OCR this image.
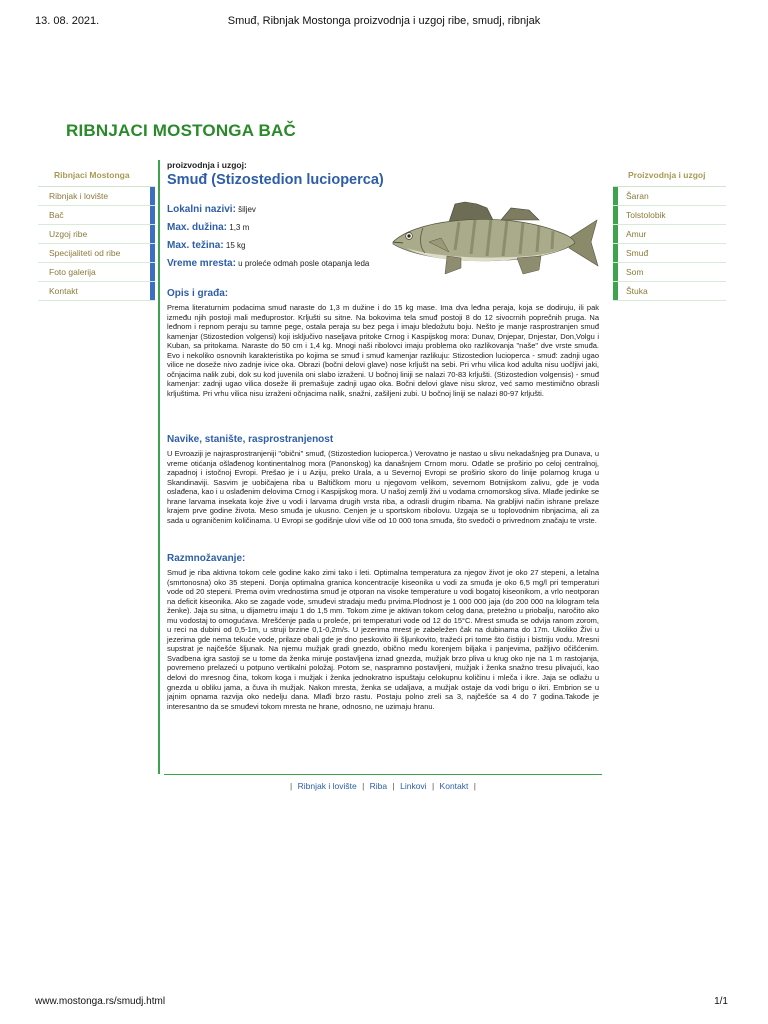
13. 08. 2021.	Smuđ, Ribnjak Mostonga proizvodnja i uzgoj ribe, smudj, ribnjak
RIBNJACI MOSTONGA BAČ
Ribnjaci Mostonga
Ribnjak i lovište
Bač
Uzgoj ribe
Specijaliteti od ribe
Foto galerija
Kontakt
Proizvodnja i uzgoj
Šaran
Tolstolobik
Amur
Smuđ
Som
Štuka
proizvodnja i uzgoj:
Smuđ (Stizostedion lucioperca)
Lokalni nazivi: šiljev
Max. dužina: 1,3 m
Max. težina: 15 kg
Vreme mresta: u proleće odmah posle otapanja leda
Opis i građa:

Prema literaturnim podacima smuđ naraste do 1,3 m dužine i do 15 kg mase. Ima dva leđna peraja, koja se dodiruju, ili pak između njih postoji mali međuprostor. Krljušti su sitne. Na bokovima tela smuđ postoji 8 do 12 sivocrnih poprečnih pruga. Na leđnom i repnom peraju su tamne pege, ostala peraja su bez pega i imaju bledožutu boju. Nešto je manje rasprostranjen smuđ kamenjar (Stizostedion volgensi) koji isključivo naseljava pritoke Crnog i Kaspijskog mora: Dunav, Dnjepar, Dnjestar, Don,Volgu i Kuban, sa pritokama. Naraste do 50 cm i 1,4 kg. Mnogi naši ribolovci imaju problema oko razlikovanja "naše" dve vrste smuđa. Evo i nekoliko osnovnih karakteristika po kojima se smuđ i smuđ kamenjar razlikuju: Stizostedion lucioperca - smuđ: zadnji ugao vilice ne doseže nivo zadnje ivice oka. Obrazi (bočni delovi glave) nose krljušt na sebi. Pri vrhu vilica kod adulta nisu uočljivi jaki, očnjacima nalik zubi, dok su kod juvenila oni slabo izraženi. U bočnoj liniji se nalazi 70-83 krljušti. (Stizostedion volgensis) - smuđ kamenjar: zadnji ugao vilica doseže ili premašuje zadnji ugao oka. Bočni delovi glave nisu skroz, već samo mestimično obrasli krljuštima. Pri vrhu vilica nisu izraženi očnjacima nalik, snažni, zašiljeni zubi. U bočnoj liniji se nalazi 80-97 krljušti.

Navike, stanište, rasprostranjenost

U Evroaziji je najrasprostranjeniji "obični" smuđ, (Stizostedion lucioperca.) Verovatno je nastao u slivu nekadašnjeg pra Dunava, u vreme otićanja ošlađenog kontinentalnog mora (Panonskog) ka današnjem Crnom moru. Odatle se proširio po celoj centralnoj, zapadnoj i istočnoj Evropi. Prešao je i u Aziju, preko Urala, a u Severnoj Evropi se proširio skoro do linije polarnog kruga u Skandinaviji. Sasvim je uobičajena riba u Baltičkom moru u njegovom velikom, severnom Botnijskom zalivu, gde je voda oslađena, kao i u oslađenim delovima Crnog i Kaspijskog mora. U našoj zemlji živi u vodama crnomorskog sliva. Mlađe jedinke se hrane larvama insekata koje žive u vodi i larvama drugih vrsta riba, a odrasli drugim ribama. Na grabljivi način ishrane prelaze krajem prve godine života. Meso smuđa je ukusno. Cenjen je u sportskom ribolovu. Uzgaja se u toplovodnim ribnjacima, ali za sada u ograničenim količinama. U Evropi se godišnje ulovi više od 10 000 tona smuđa, što svedoči o privrednom značaju te vrste.

Razmnožavanje:

Smuđ je riba aktivna tokom cele godine kako zimi tako i leti. Optimalna temperatura za njegov život je oko 27 stepeni, a letalna (smrtonosna) oko 35 stepeni. Donja optimalna granica koncentracije kiseonika u vodi za smuđa je oko 6,5 mg/l pri temperaturi vode od 20 stepeni. Prema ovim vrednostima smuđ je otporan na visoke temperature u vodi bogatoj kiseonikom, a vrlo neotporan na deficit kiseonika. Ako se zagade vode, smuđevi stradaju među prvima.Plodnost je 1 000 000 jaja (do 200 000 na kilogram tela ženke). Jaja su sitna, u dijametru imaju 1 do 1,5 mm. Tokom zime je aktivan tokom celog dana, pretežno u priobalju, naročito ako mu vodostaj to omogućava. Mrešćenje pada u proleće, pri temperaturi vode od 12 do 15°C. Mrest smuđa se odvija ranom zorom, u reci na dubini od 0,5-1m, u struji brzine 0,1-0,2m/s. U jezerima mrest je zabeležen čak na dubinama do 17m. Ukoliko Živi u jezerima gde nema tekuće vode, prilaze obali gde je dno peskovito ili šljunkovito, tražeći pri tome što čistiju i bistriju vodu. Mresni supstrat je najčešće šljunak. Na njemu mužjak gradi gnezdo, obično među korenjem biljaka i panjevima, pažljivo očišćenim. Svadbena igra sastoji se u tome da ženka miruje postavljena iznad gnezda, mužjak brzo pliva u krug oko nje na 1 m rastojanja, povremeno prelazeći u potpuno vertikalni položaj. Potom se, naspramno postavljeni, mužjak i ženka snažno tresu plivajući, kao delovi do mresnog čina, tokom koga i mužjak i ženka jednokratno ispuštaju celokupnu količinu i mleča i ikre. Jaja se odlažu u gnezda u obliku jama, a čuva ih mužjak. Nakon mresta, ženka se udaljava, a mužjak ostaje da vodi brigu o ikri. Embrion se u jajnim opnama razvija oko nedelju dana. Mlađi brzo rastu. Postaju polno zreli sa 3, najčešće sa 4 do 7 godina.Takođe je interesantno da se smuđevi tokom mresta ne hrane, odnosno, ne uzimaju hranu.

| Ribnjak i lovište | Riba | Linkovi | Kontakt |
www.mostonga.rs/smudj.html	1/1
